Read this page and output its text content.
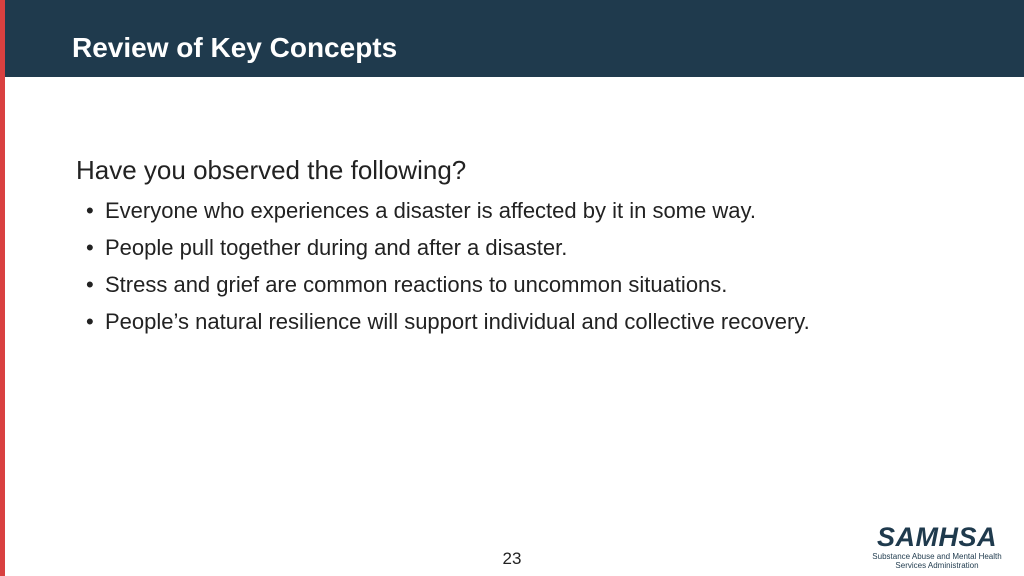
Review of Key Concepts

Have you observed the following?

• Everyone who experiences a disaster is affected by it in some way.
• People pull together during and after a disaster.
• Stress and grief are common reactions to uncommon situations.
• People’s natural resilience will support individual and collective recovery.
23
SAMHSA
Substance Abuse and Mental Health
Services Administration
